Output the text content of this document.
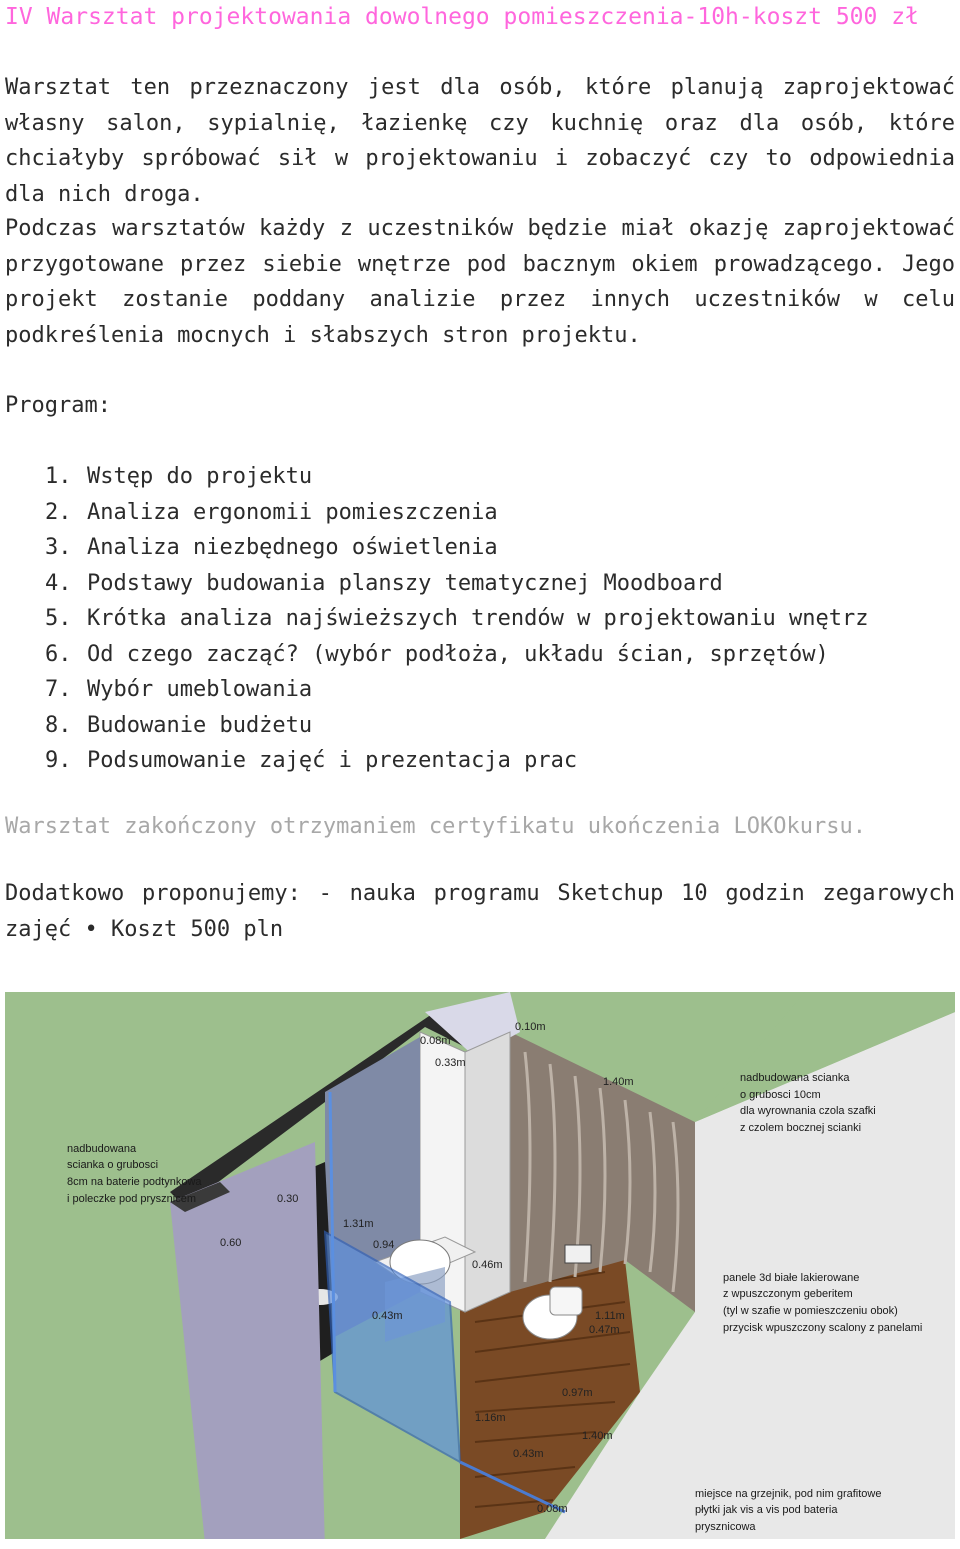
IV Warsztat projektowania dowolnego pomieszczenia-10h-koszt 500 zł

Warsztat ten przeznaczony jest dla osób, które planują zaprojektować własny salon, sypialnię, łazienkę czy kuchnię oraz dla osób, które chciałyby spróbować sił w projektowaniu i zobaczyć czy to odpowiednia dla nich droga.

Podczas warsztatów każdy z uczestników będzie miał okazję zaprojektować przygotowane przez siebie wnętrze pod bacznym okiem prowadzącego. Jego projekt zostanie poddany analizie przez innych uczestników w celu podkreślenia mocnych i słabszych stron projektu.

Program:

1. Wstęp do projektu
2. Analiza ergonomii pomieszczenia
3. Analiza niezbędnego oświetlenia
4. Podstawy budowania planszy tematycznej Moodboard
5. Krótka analiza najświeższych trendów w projektowaniu wnętrz
6. Od czego zacząć? (wybór podłoża, układu ścian, sprzętów)
7. Wybór umeblowania
8. Budowanie budżetu
9. Podsumowanie zajęć i prezentacja prac

Warsztat zakończony otrzymaniem certyfikatu ukończenia LOKOkursu.

Dodatkowo proponujemy: - nauka programu Sketchup 10 godzin zegarowych zajęć • Koszt 500 pln

0.08m
0.33m
0.10m
1.40m
0.30
0.60
1.31m
0.94
0.46m
0.43m	1.11m
0.47m
0.97m
1.16m
0.43m
1.40m
0.08m
nadbudowana
scianka o grubosci
8cm na baterie podtynkowa
i poleczke pod prysznicem
nadbudowana scianka
o grubosci 10cm
dla wyrownania czola szafki
z czolem bocznej scianki
panele 3d białe lakierowane
z wpuszczonym geberitem
(tyl w szafie w pomieszczeniu obok)
przycisk wpuszczony scalony z panelami
miejsce na grzejnik, pod nim grafitowe
płytki jak vis a vis pod bateria
prysznicowa
